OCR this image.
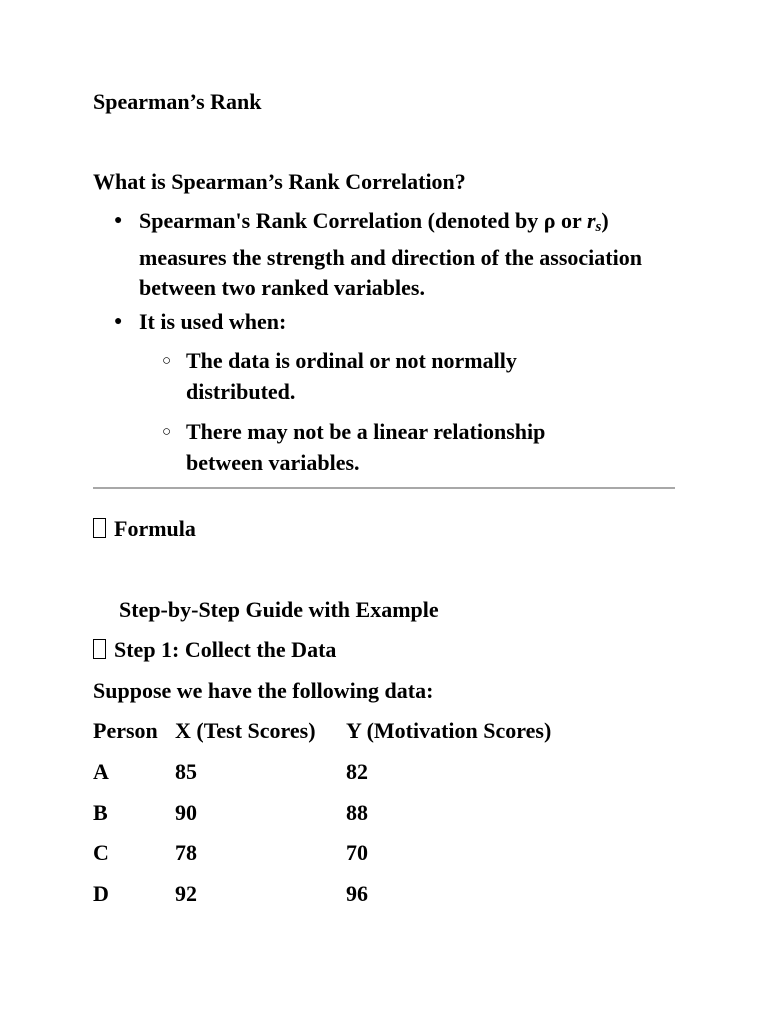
Spearman’s Rank
What is Spearman’s Rank Correlation?
● Spearman's Rank Correlation (denoted by ρ or $r_s$) measures the strength and direction of the association between two ranked variables.
● It is used when:
○ The data is ordinal or not normally distributed.
○ There may not be a linear relationship between variables.
Formula
Step-by-Step Guide with Example
Step 1: Collect the Data
Suppose we have the following data:
Person X (Test Scores) Y (Motivation Scores)
A	85	82
B	90	88
C	78	70
D	92	96
